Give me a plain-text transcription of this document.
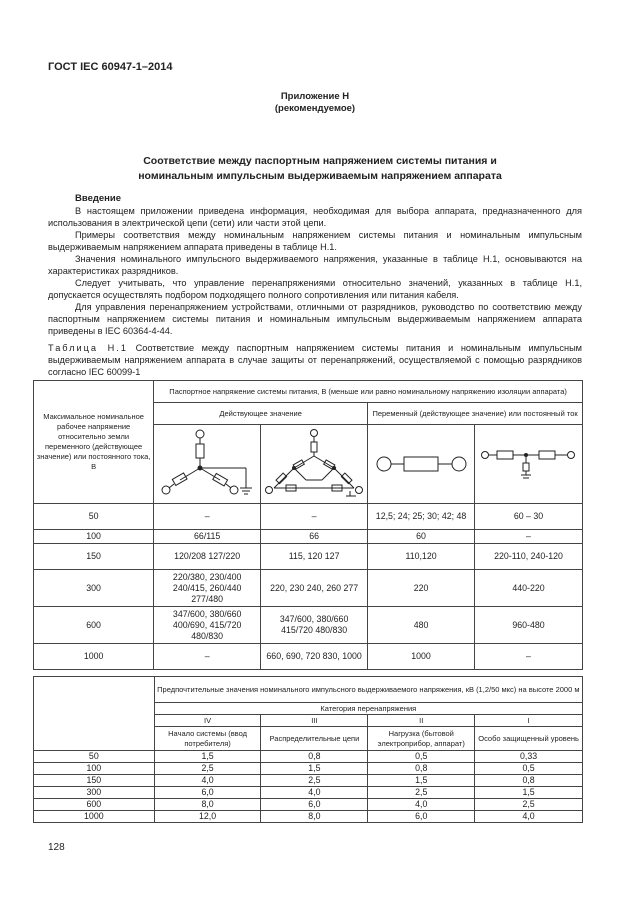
ГОСТ IEC 60947-1–2014
Приложение Н
(рекомендуемое)
Соответствие между паспортным напряжением системы питания и
номинальным импульсным выдерживаемым напряжением аппарата
Введение

В настоящем приложении приведена информация, необходимая для выбора аппарата, предназначенного для использования в электрической цепи (сети) или части этой цепи.

Примеры соответствия между номинальным напряжением системы питания и номинальным импульсным выдерживаемым напряжением аппарата приведены в таблице Н.1.

Значения номинального импульсного выдерживаемого напряжения, указанные в таблице Н.1, основываются на характеристиках разрядников.

Следует учитывать, что управление перенапряжениями относительно значений, указанных в таблице Н.1, допускается осуществлять подбором подходящего полного сопротивления или питания кабеля.

Для управления перенапряжением устройствами, отличными от разрядников, руководство по соответствию между паспортным напряжением системы питания и номинальным импульсным выдерживаемым напряжением аппарата приведены в IEC 60364-4-44.

Таблица Н.1 Соответствие между паспортным напряжением системы питания и номинальным импульсным выдерживаемым напряжением аппарата в случае защиты от перенапряжений, осуществляемой с помощью разрядников согласно IEC 60099-1
Максимальное номинальное рабочее напряжение относительно земли переменного (действующее значение) или постоянного тока, В	Паспортное напряжение системы питания, В (меньше или равно номинальному напряжению изоляции аппарата)			
	Действующее значение		Переменный (действующее значение) или постоянный ток	

50	–	–	12,5; 24; 25; 30; 42; 48	60 – 30
100	66/115	66	60	–
150	120/208 127/220	115, 120 127	110,120	220-110, 240-120
300	220/380, 230/400 240/415, 260/440 277/480	220, 230 240, 260 277	220	440-220
600	347/600, 380/660 400/690, 415/720 480/830	347/600, 380/660 415/720 480/830	480	960-480
1000	–	660, 690, 720 830, 1000	1000	–
	Предпочтительные значения номинального импульсного выдерживаемого напряжения, кВ (1,2/50 мкс) на высоте 2000 м			
	Категория перенапряжения			
	IV	III	II	I
	Начало системы (ввод потребителя)	Распределительные цепи	Нагрузка (бытовой электроприбор, аппарат)	Особо защищенный уровень
50	1,5	0,8	0,5	0,33
100	2,5	1,5	0,8	0,5
150	4,0	2,5	1,5	0,8
300	6,0	4,0	2,5	1,5
600	8,0	6,0	4,0	2,5
1000	12,0	8,0	6,0	4,0
128
